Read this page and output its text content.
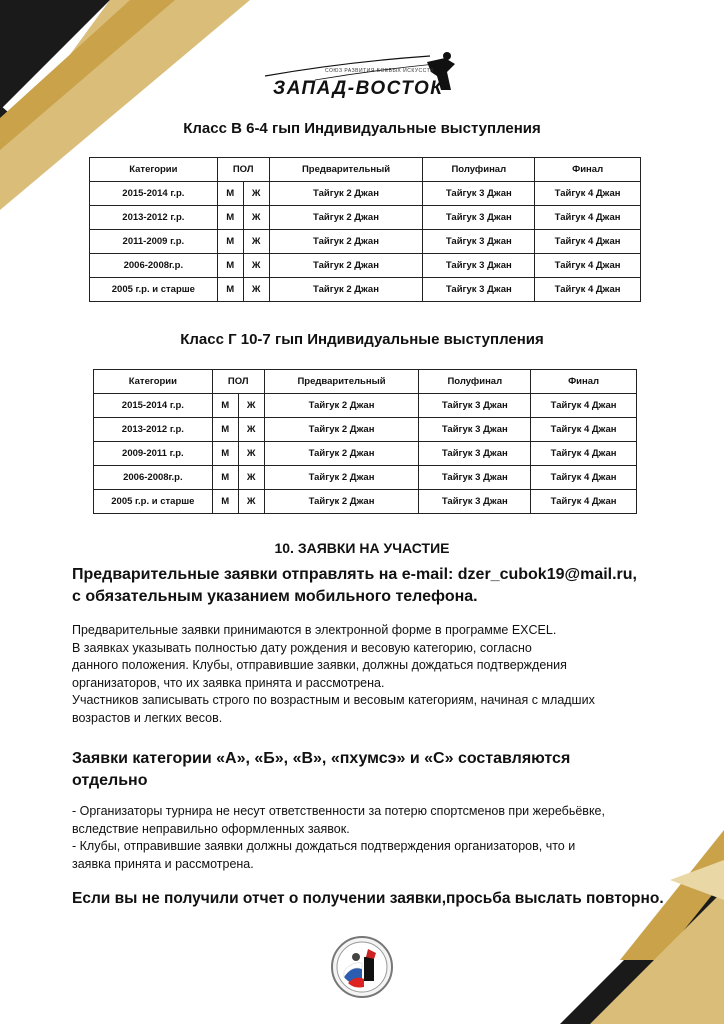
СОЮЗ РАЗВИТИЯ БОЕВЫХ ИСКУССТВ
ЗАПАД-ВОСТОК
Класс В 6-4 гып Индивидуальные выступления
Категории	ПОЛ		Предварительный	Полуфинал	Финал
2015-2014 г.р.	М	Ж	Тайгук 2 Джан	Тайгук 3 Джан	Тайгук 4 Джан
2013-2012 г.р.	М	Ж	Тайгук 2 Джан	Тайгук 3 Джан	Тайгук 4 Джан
2011-2009 г.р.	М	Ж	Тайгук 2 Джан	Тайгук 3 Джан	Тайгук 4 Джан
2006-2008г.р.	М	Ж	Тайгук 2 Джан	Тайгук 3 Джан	Тайгук 4 Джан
2005 г.р. и старше	М	Ж	Тайгук 2 Джан	Тайгук 3 Джан	Тайгук 4 Джан
Класс Г 10-7 гып Индивидуальные выступления
Категории	ПОЛ		Предварительный	Полуфинал	Финал
2015-2014 г.р.	М	Ж	Тайгук 2 Джан	Тайгук 3 Джан	Тайгук 4 Джан
2013-2012 г.р.	М	Ж	Тайгук 2 Джан	Тайгук 3 Джан	Тайгук 4 Джан
2009-2011 г.р.	М	Ж	Тайгук 2 Джан	Тайгук 3 Джан	Тайгук 4 Джан
2006-2008г.р.	М	Ж	Тайгук 2 Джан	Тайгук 3 Джан	Тайгук 4 Джан
2005 г.р. и старше	М	Ж	Тайгук 2 Джан	Тайгук 3 Джан	Тайгук 4 Джан
10. ЗАЯВКИ НА УЧАСТИЕ
Предварительные заявки отправлять на e-mail: dzer_cubok19@mail.ru,
с обязательным указанием мобильного телефона.
Предварительные заявки принимаются в электронной форме в программе EXCEL.
В заявках указывать полностью дату рождения и весовую категорию, согласно
данного положения. Клубы, отправившие заявки, должны дождаться подтверждения
организаторов, что их заявка принята и рассмотрена.
Участников записывать строго по возрастным и весовым категориям, начиная с младших
возрастов и легких весов.
Заявки категории «А», «Б», «В», «пхумсэ» и «С» составляются
отдельно
- Организаторы турнира не несут ответственности за потерю спортсменов при жеребьёвке,
вследствие неправильно оформленных заявок.
- Клубы, отправившие заявки должны дождаться подтверждения организаторов, что и
заявка принята и рассмотрена.
Если вы не получили отчет о получении заявки,просьба выслать повторно.
